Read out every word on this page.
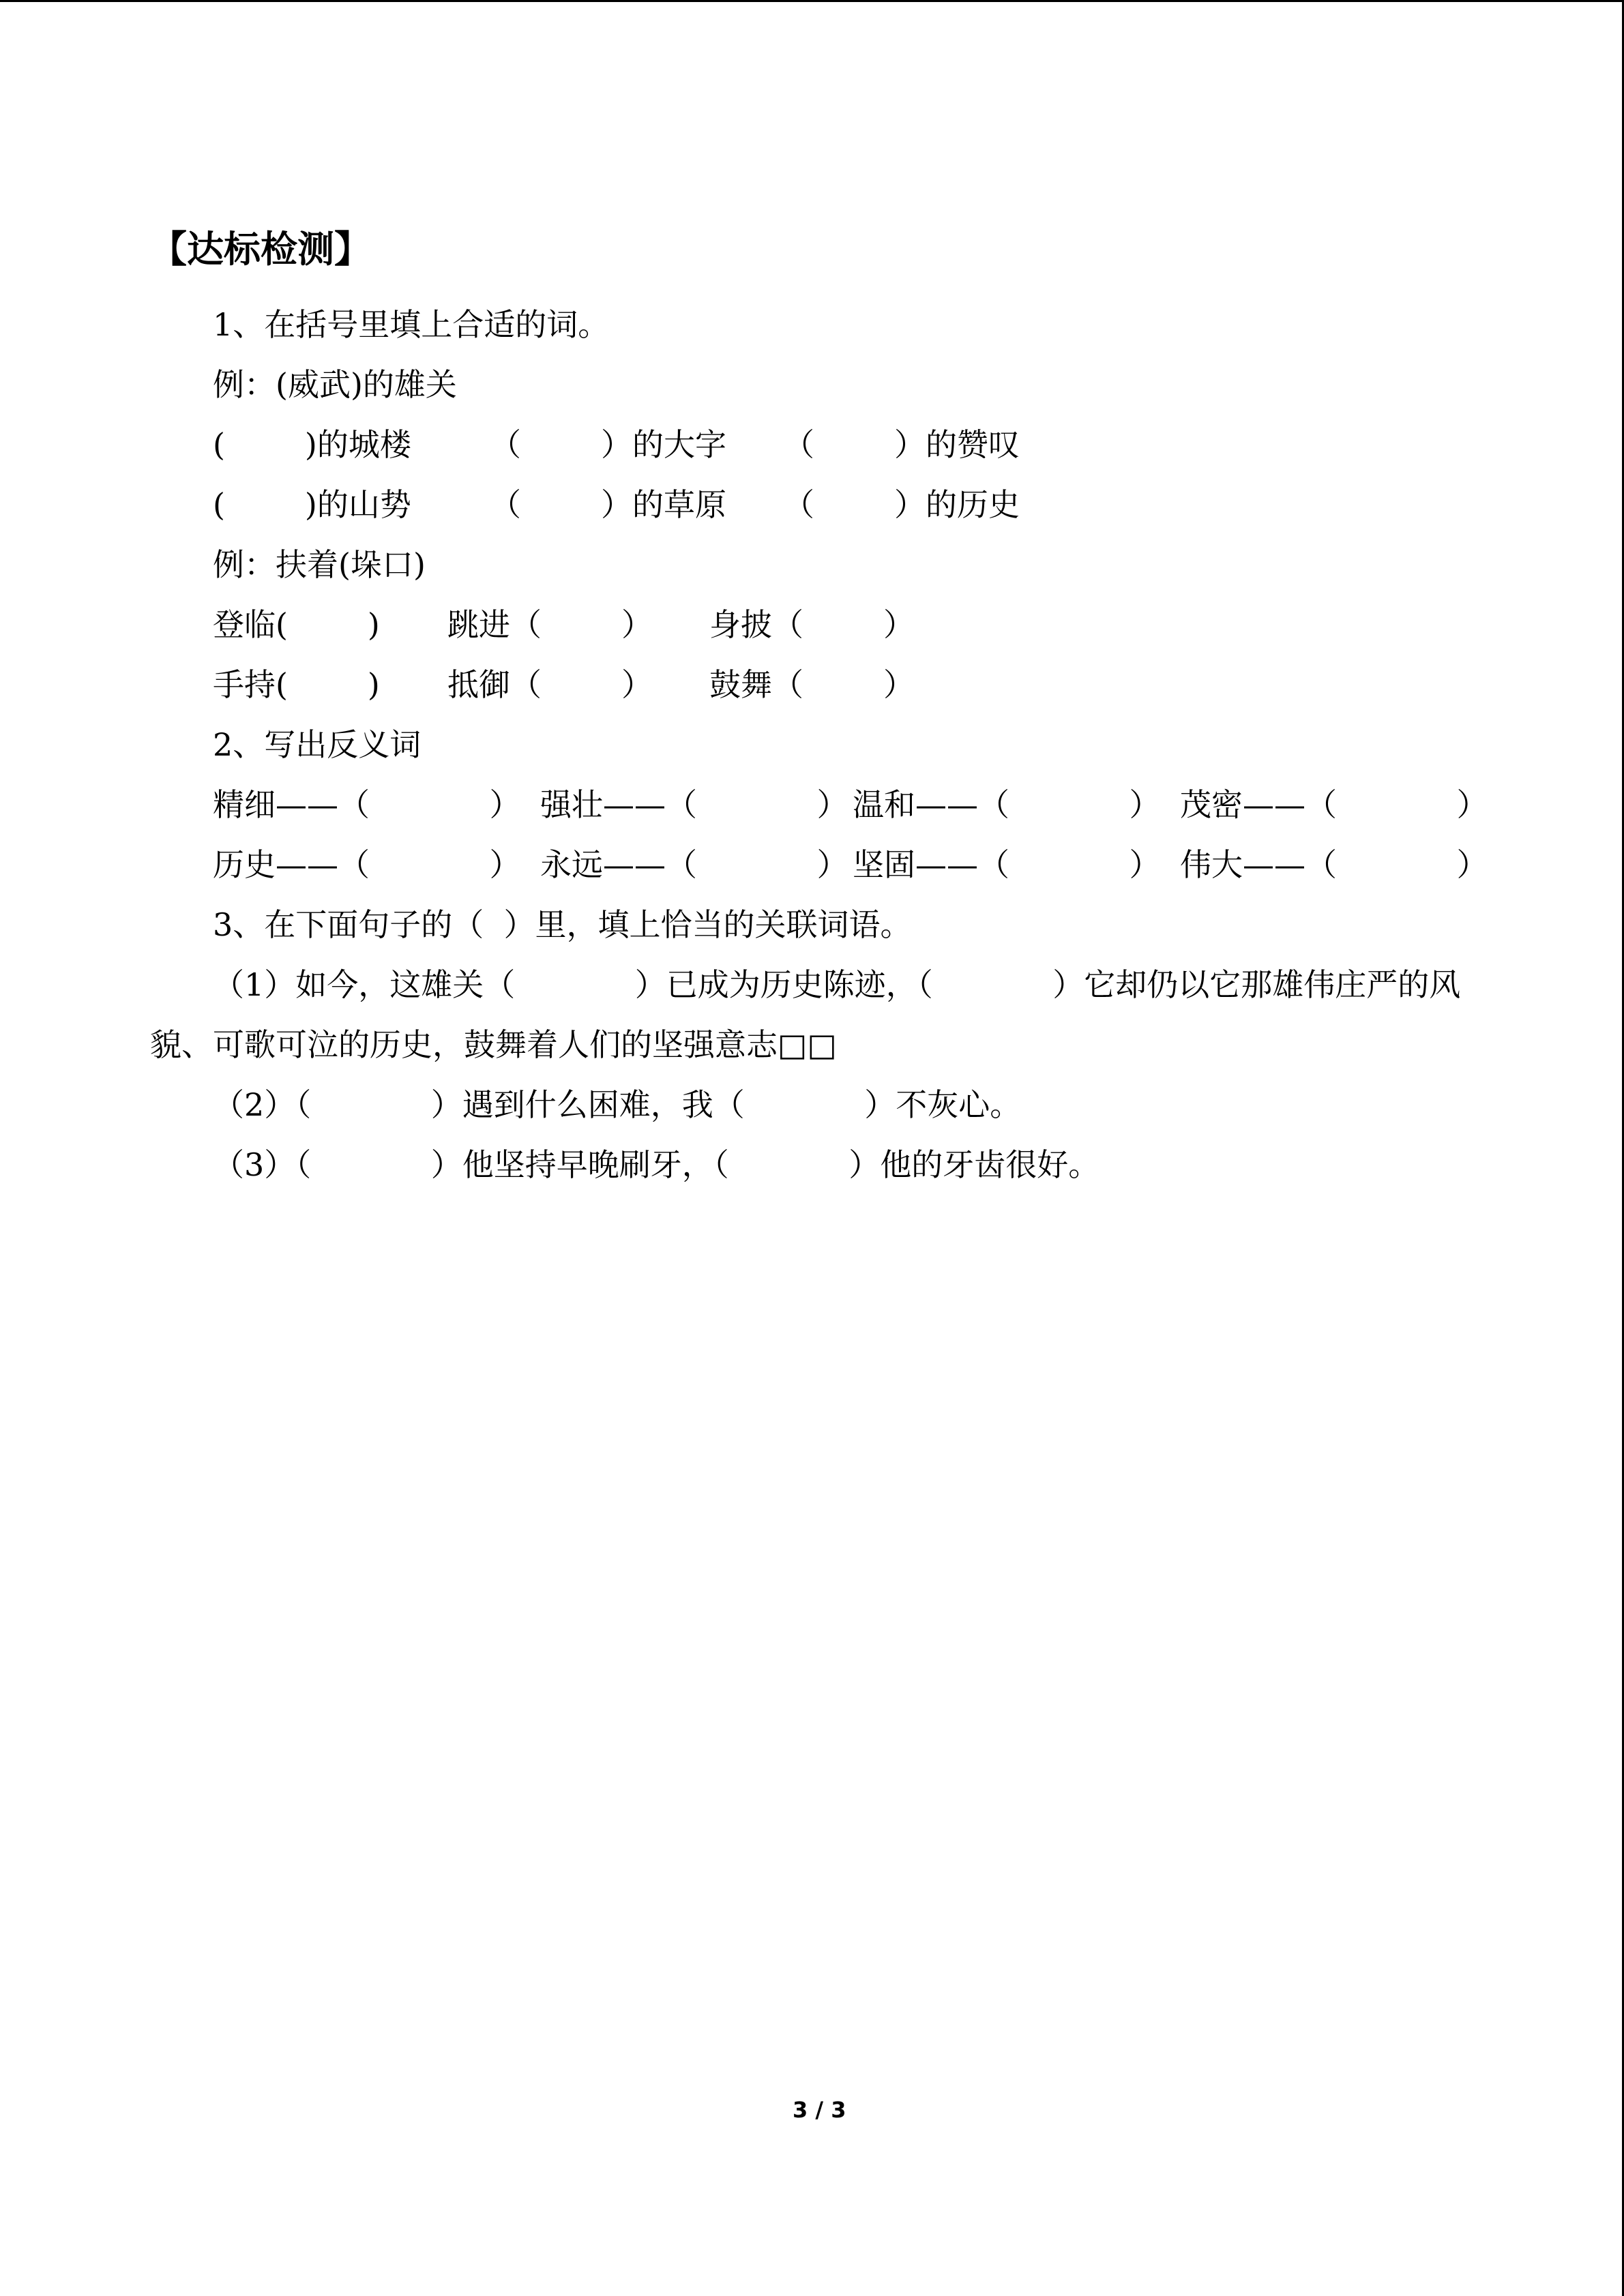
【达标检测】
1、在括号里填上合适的词。
例：(威武)的雄关
(        )的城楼	（        ）的大字 （        ）的赞叹
(        )的山势	（        ）的草原 （        ）的历史
例：扶着(垛口)
登临(        ) 跳进（        ） 身披（        ）
手持(        ) 抵御（        ） 鼓舞（        ）
2、写出反义词
精细——（            ） 强壮——（            ） 温和——（            ） 茂密——（            ）
历史——（            ） 永远——（            ） 坚固——（            ） 伟大——（            ）
3、在下面句子的（  ）里，填上恰当的关联词语。
（1）如今，这雄关（            ）已成为历史陈迹，（            ）它却仍以它那雄伟庄严的风
貌、可歌可泣的历史，鼓舞着人们的坚强意志□□
（2）（            ）遇到什么困难，我（            ）不灰心。
（3）（            ）他坚持早晚刷牙，（            ）他的牙齿很好。
3 / 3
